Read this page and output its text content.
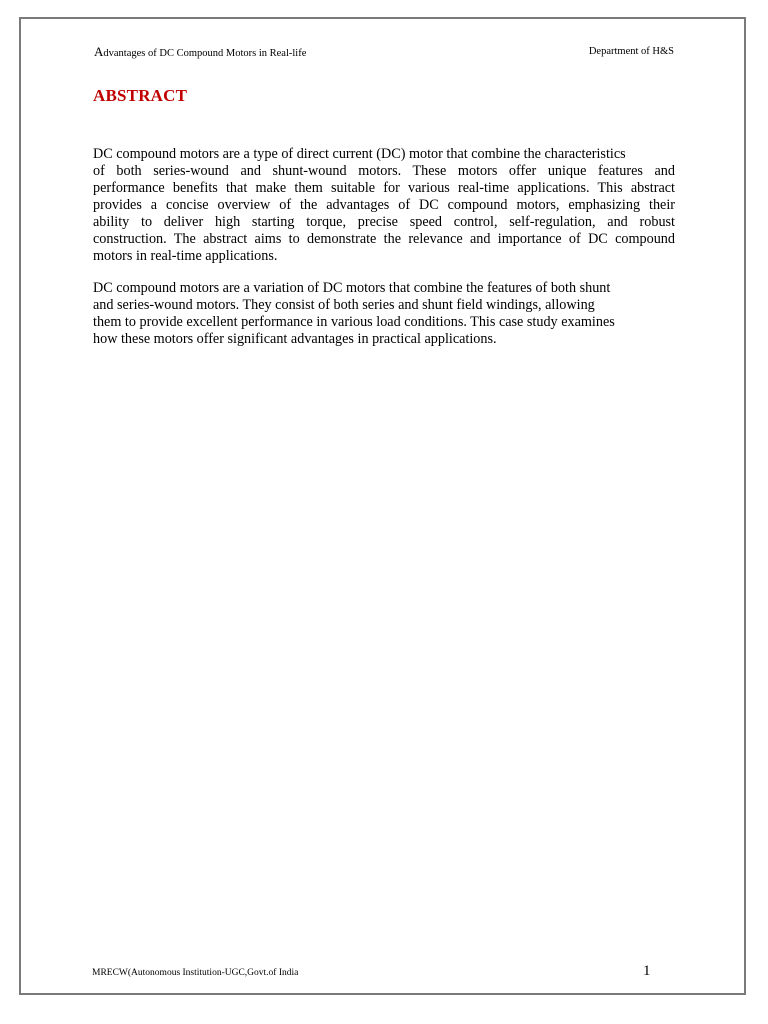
Advantages of DC Compound Motors in Real-life	Department of H&S
ABSTRACT
DC compound motors are a type of direct current (DC) motor that combine the characteristics
of both series-wound and shunt-wound motors. These motors offer unique features and
performance benefits that make them suitable for various real-time applications. This abstract
provides a concise overview of the advantages of DC compound motors, emphasizing their
ability to deliver high starting torque, precise speed control, self-regulation, and robust
construction. The abstract aims to demonstrate the relevance and importance of DC compound
motors in real-time applications.
DC compound motors are a variation of DC motors that combine the features of both shunt
and series-wound motors. They consist of both series and shunt field windings, allowing
them to provide excellent performance in various load conditions. This case study examines
how these motors offer significant advantages in practical applications.
MRECW(Autonomous Institution-UGC,Govt.of India	1
